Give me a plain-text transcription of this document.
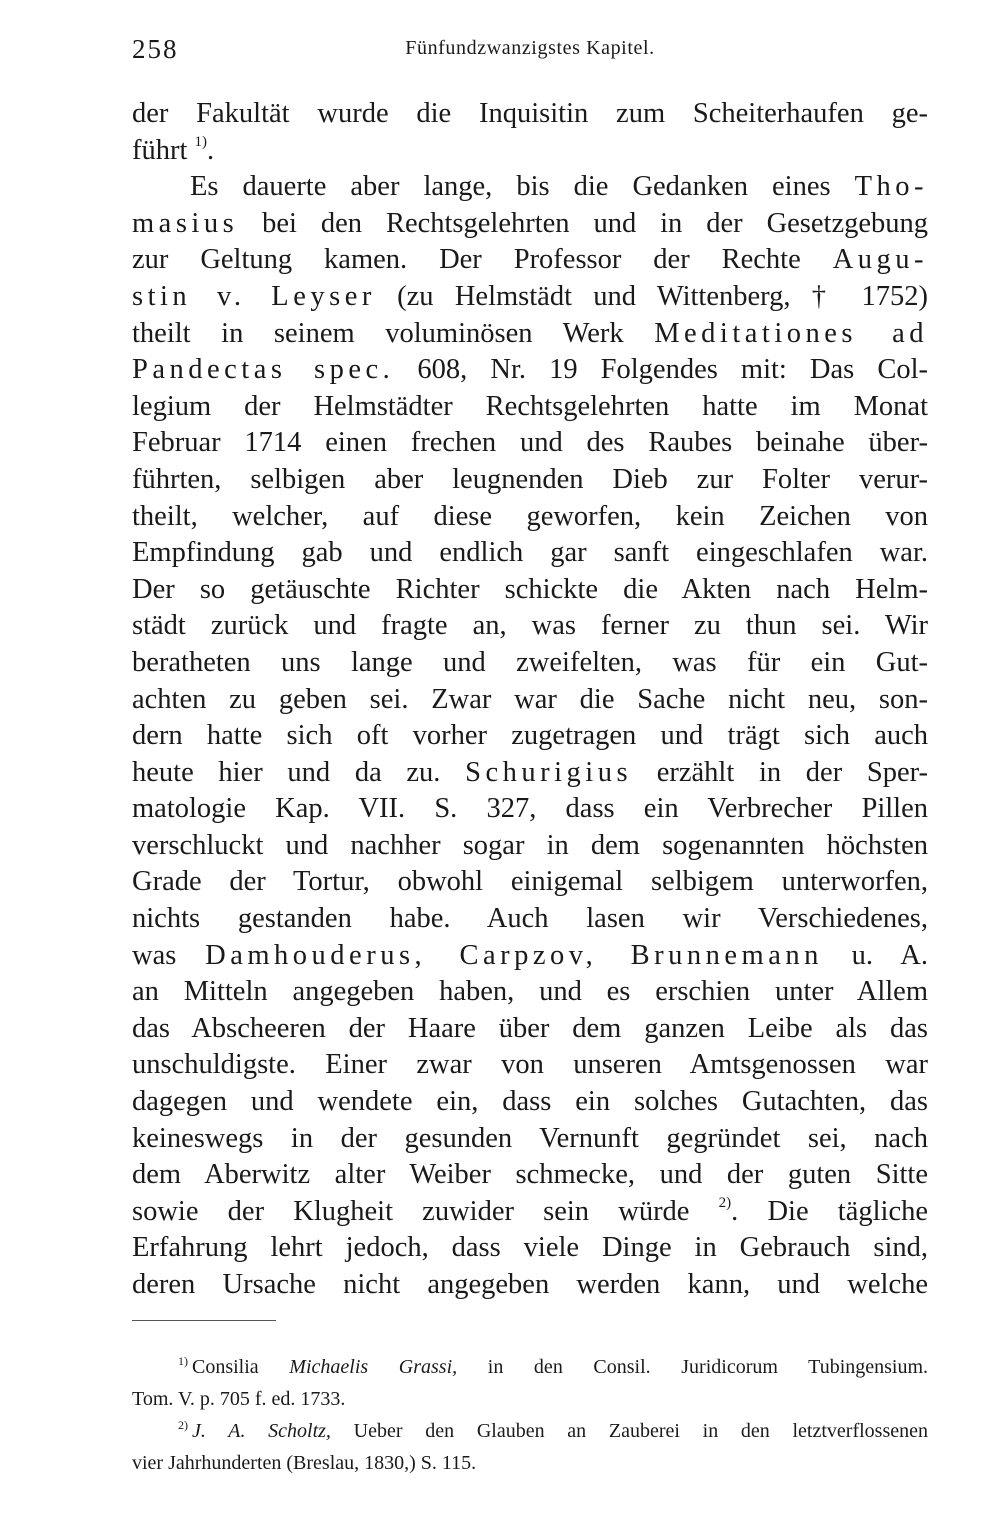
258	Fünfundzwanzigstes Kapitel.

der Fakultät wurde die Inquisitin zum Scheiterhaufen ge-

führt $^{1)}$.

Es dauerte aber lange, bis die Gedanken eines Tho-

masius bei den Rechtsgelehrten und in der Gesetzgebung

zur Geltung kamen. Der Professor der Rechte Augu-

stin v. Leyser (zu Helmstädt und Wittenberg, † 1752)

theilt in seinem voluminösen Werk Meditationes ad

Pandectas spec. 608, Nr. 19 Folgendes mit: Das Col-

legium der Helmstädter Rechtsgelehrten hatte im Monat

Februar 1714 einen frechen und des Raubes beinahe über-

führten, selbigen aber leugnenden Dieb zur Folter verur-

theilt, welcher, auf diese geworfen, kein Zeichen von

Empfindung gab und endlich gar sanft eingeschlafen war.

Der so getäuschte Richter schickte die Akten nach Helm-

städt zurück und fragte an, was ferner zu thun sei. Wir

beratheten uns lange und zweifelten, was für ein Gut-

achten zu geben sei. Zwar war die Sache nicht neu, son-

dern hatte sich oft vorher zugetragen und trägt sich auch

heute hier und da zu. Schurigius erzählt in der Sper-

matologie Kap. VII. S. 327, dass ein Verbrecher Pillen

verschluckt und nachher sogar in dem sogenannten höchsten

Grade der Tortur, obwohl einigemal selbigem unterworfen,

nichts gestanden habe. Auch lasen wir Verschiedenes,

was Damhouderus, Carpzov, Brunnemann u. A.

an Mitteln angegeben haben, und es erschien unter Allem

das Abscheeren der Haare über dem ganzen Leibe als das

unschuldigste. Einer zwar von unseren Amtsgenossen war

dagegen und wendete ein, dass ein solches Gutachten, das

keineswegs in der gesunden Vernunft gegründet sei, nach

dem Aberwitz alter Weiber schmecke, und der guten Sitte

sowie der Klugheit zuwider sein würde $^{2)}$. Die tägliche

Erfahrung lehrt jedoch, dass viele Dinge in Gebrauch sind,

deren Ursache nicht angegeben werden kann, und welche

$^{1)}$ Consilia Michaelis Grassi, in den Consil. Juridicorum Tubingensium.

Tom. V. p. 705 f. ed. 1733.

$^{2)}$ J. A. Scholtz, Ueber den Glauben an Zauberei in den letztverflossenen

vier Jahrhunderten (Breslau, 1830,) S. 115.
